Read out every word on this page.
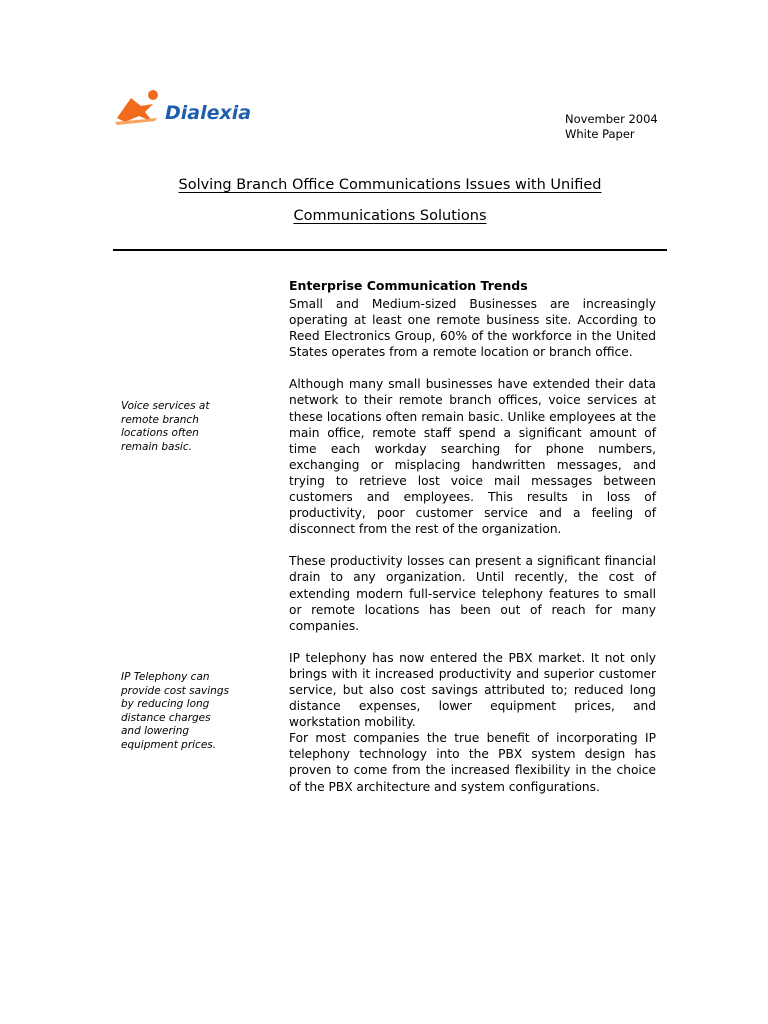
Dialexia	November 2004
White Paper
Solving Branch Office Communications Issues with Unified
Communications Solutions
Voice services at remote branch locations often remain basic.
IP Telephony can provide cost savings by reducing long distance charges and lowering equipment prices.
Enterprise Communication Trends

Small and Medium-sized Businesses are increasingly operating at least one remote business site. According to Reed Electronics Group, 60% of the workforce in the United States operates from a remote location or branch office.

Although many small businesses have extended their data network to their remote branch offices, voice services at these locations often remain basic. Unlike employees at the main office, remote staff spend a significant amount of time each workday searching for phone numbers, exchanging or misplacing handwritten messages, and trying to retrieve lost voice mail messages between customers and employees. This results in loss of productivity, poor customer service and a feeling of disconnect from the rest of the organization.

These productivity losses can present a significant financial drain to any organization. Until recently, the cost of extending modern full-service telephony features to small or remote locations has been out of reach for many companies.

IP telephony has now entered the PBX market. It not only brings with it increased productivity and superior customer service, but also cost savings attributed to; reduced long distance expenses, lower equipment prices, and workstation mobility.

For most companies the true benefit of incorporating IP telephony technology into the PBX system design has proven to come from the increased flexibility in the choice of the PBX architecture and system configurations.
